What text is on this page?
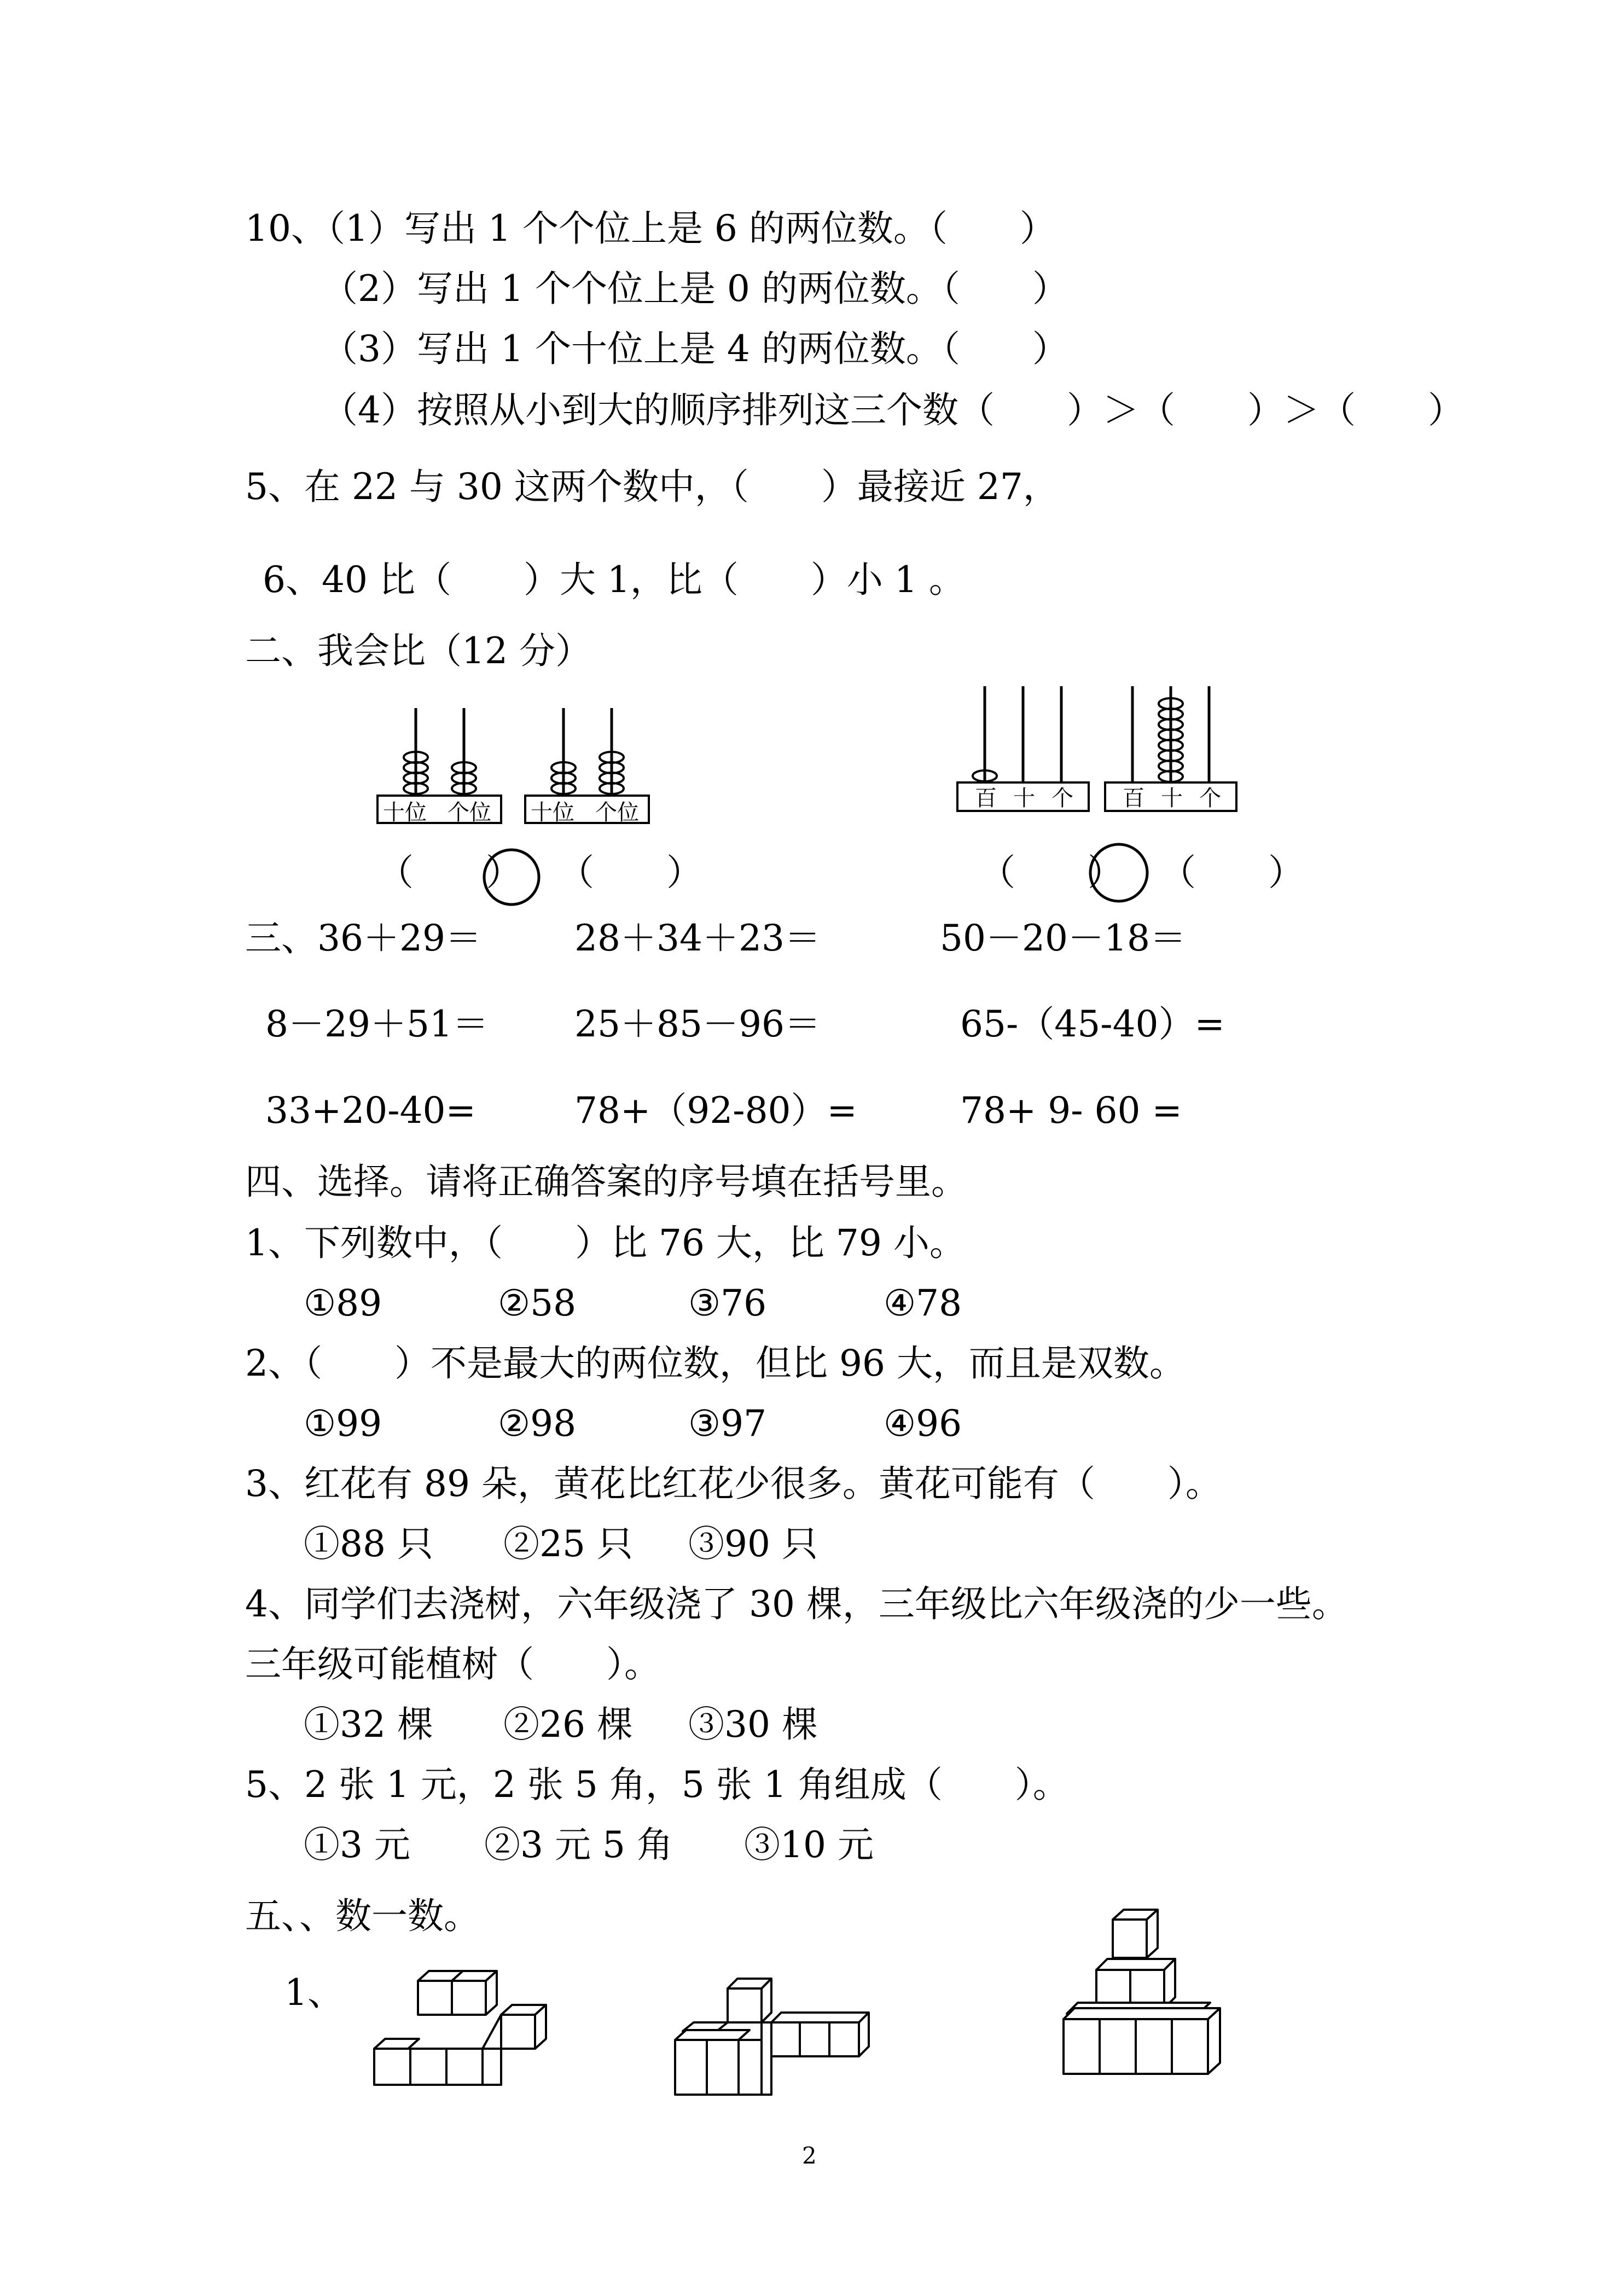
10、（1）写出 1 个个位上是 6 的两位数。（　　）
（2）写出 1 个个位上是 0 的两位数。（　　）
（3）写出 1 个十位上是 4 的两位数。（　　）
（4）按照从小到大的顺序排列这三个数（　　）＞（　　）＞（　　）
5、在 22 与 30 这两个数中，（　　）最接近 27，
6、40 比（　　）大 1，比（　　）小 1 。
二、我会比（12 分）
十位 个位 十位 个位
百 十 个 百 十 个
（　　）　　（　　）	（　　）　　（　　）
三、36＋29＝	28＋34＋23＝	50－20－18＝
8－29＋51＝ 25＋85－96＝	65-（45-40）=
33+20-40=	78+（92-80）=	78+ 9- 60 =
四、选择。请将正确答案的序号填在括号里。
1、下列数中，（　　）比 76 大，比 79 小。
①89	②58	③76	④78
2、（　　）不是最大的两位数，但比 96 大，而且是双数。
①99	②98	③97	④96
3、红花有 89 朵，黄花比红花少很多。黄花可能有（　　）。
①88 只 ②25 只 ③90 只
4、同学们去浇树，六年级浇了 30 棵，三年级比六年级浇的少一些。
三年级可能植树（　　）。
①32 棵 ②26 棵 ③30 棵
5、2 张 1 元，2 张 5 角，5 张 1 角组成（　　）。
①3 元 ②3 元 5 角 ③10 元
五、、数一数。
1、
2
